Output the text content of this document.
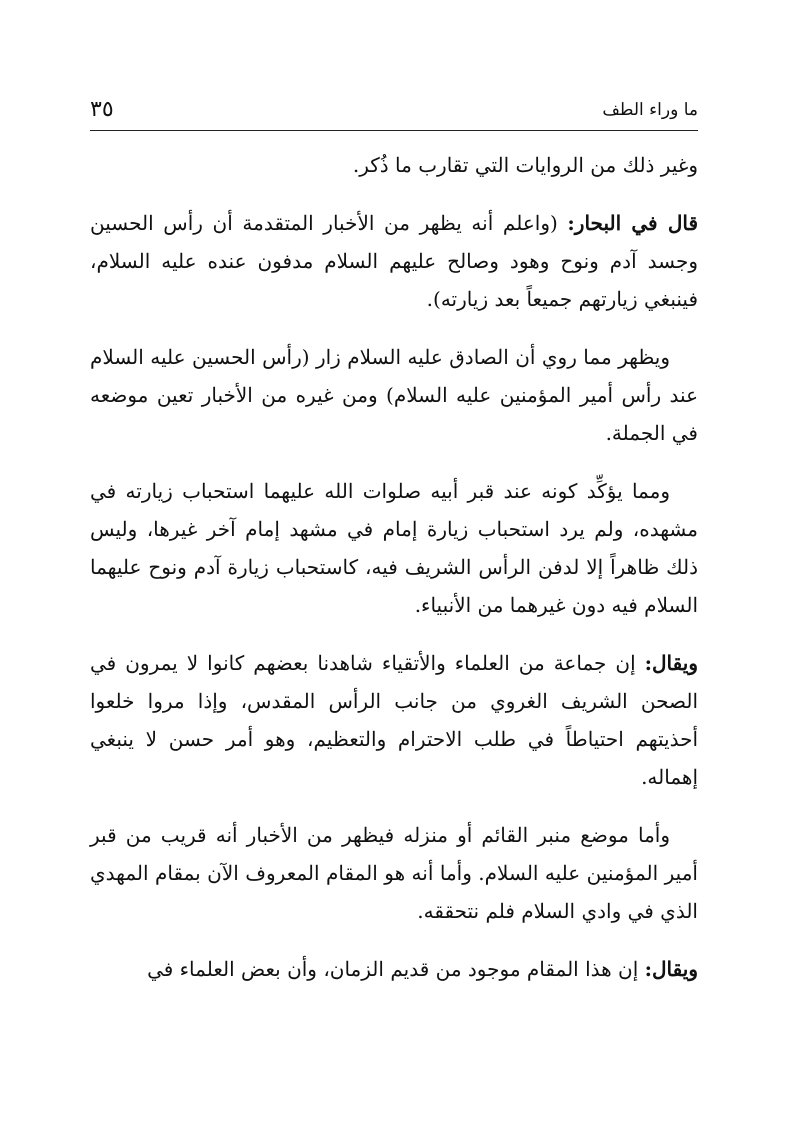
٣٥	ما وراء الطف

وغير ذلك من الروايات التي تقارب ما ذُكر.

قال في البحار: (واعلم أنه يظهر من الأخبار المتقدمة أن رأس الحسين وجسد آدم ونوح وهود وصالح عليهم السلام مدفون عنده عليه السلام، فينبغي زيارتهم جميعاً بعد زيارته).

ويظهر مما روي أن الصادق عليه السلام زار (رأس الحسين عليه السلام عند رأس أمير المؤمنين عليه السلام) ومن غيره من الأخبار تعين موضعه في الجملة.

ومما يؤكِّد كونه عند قبر أبيه صلوات الله عليهما استحباب زيارته في مشهده، ولم يرد استحباب زيارة إمام في مشهد إمام آخر غيرها، وليس ذلك ظاهراً إلا لدفن الرأس الشريف فيه، كاستحباب زيارة آدم ونوح عليهما السلام فيه دون غيرهما من الأنبياء.

ويقال: إن جماعة من العلماء والأتقياء شاهدنا بعضهم كانوا لا يمرون في الصحن الشريف الغروي من جانب الرأس المقدس، وإذا مروا خلعوا أحذيتهم احتياطاً في طلب الاحترام والتعظيم، وهو أمر حسن لا ينبغي إهماله.

وأما موضع منبر القائم أو منزله فيظهر من الأخبار أنه قريب من قبر أمير المؤمنين عليه السلام. وأما أنه هو المقام المعروف الآن بمقام المهدي الذي في وادي السلام فلم نتحققه.

ويقال: إن هذا المقام موجود من قديم الزمان، وأن بعض العلماء في
